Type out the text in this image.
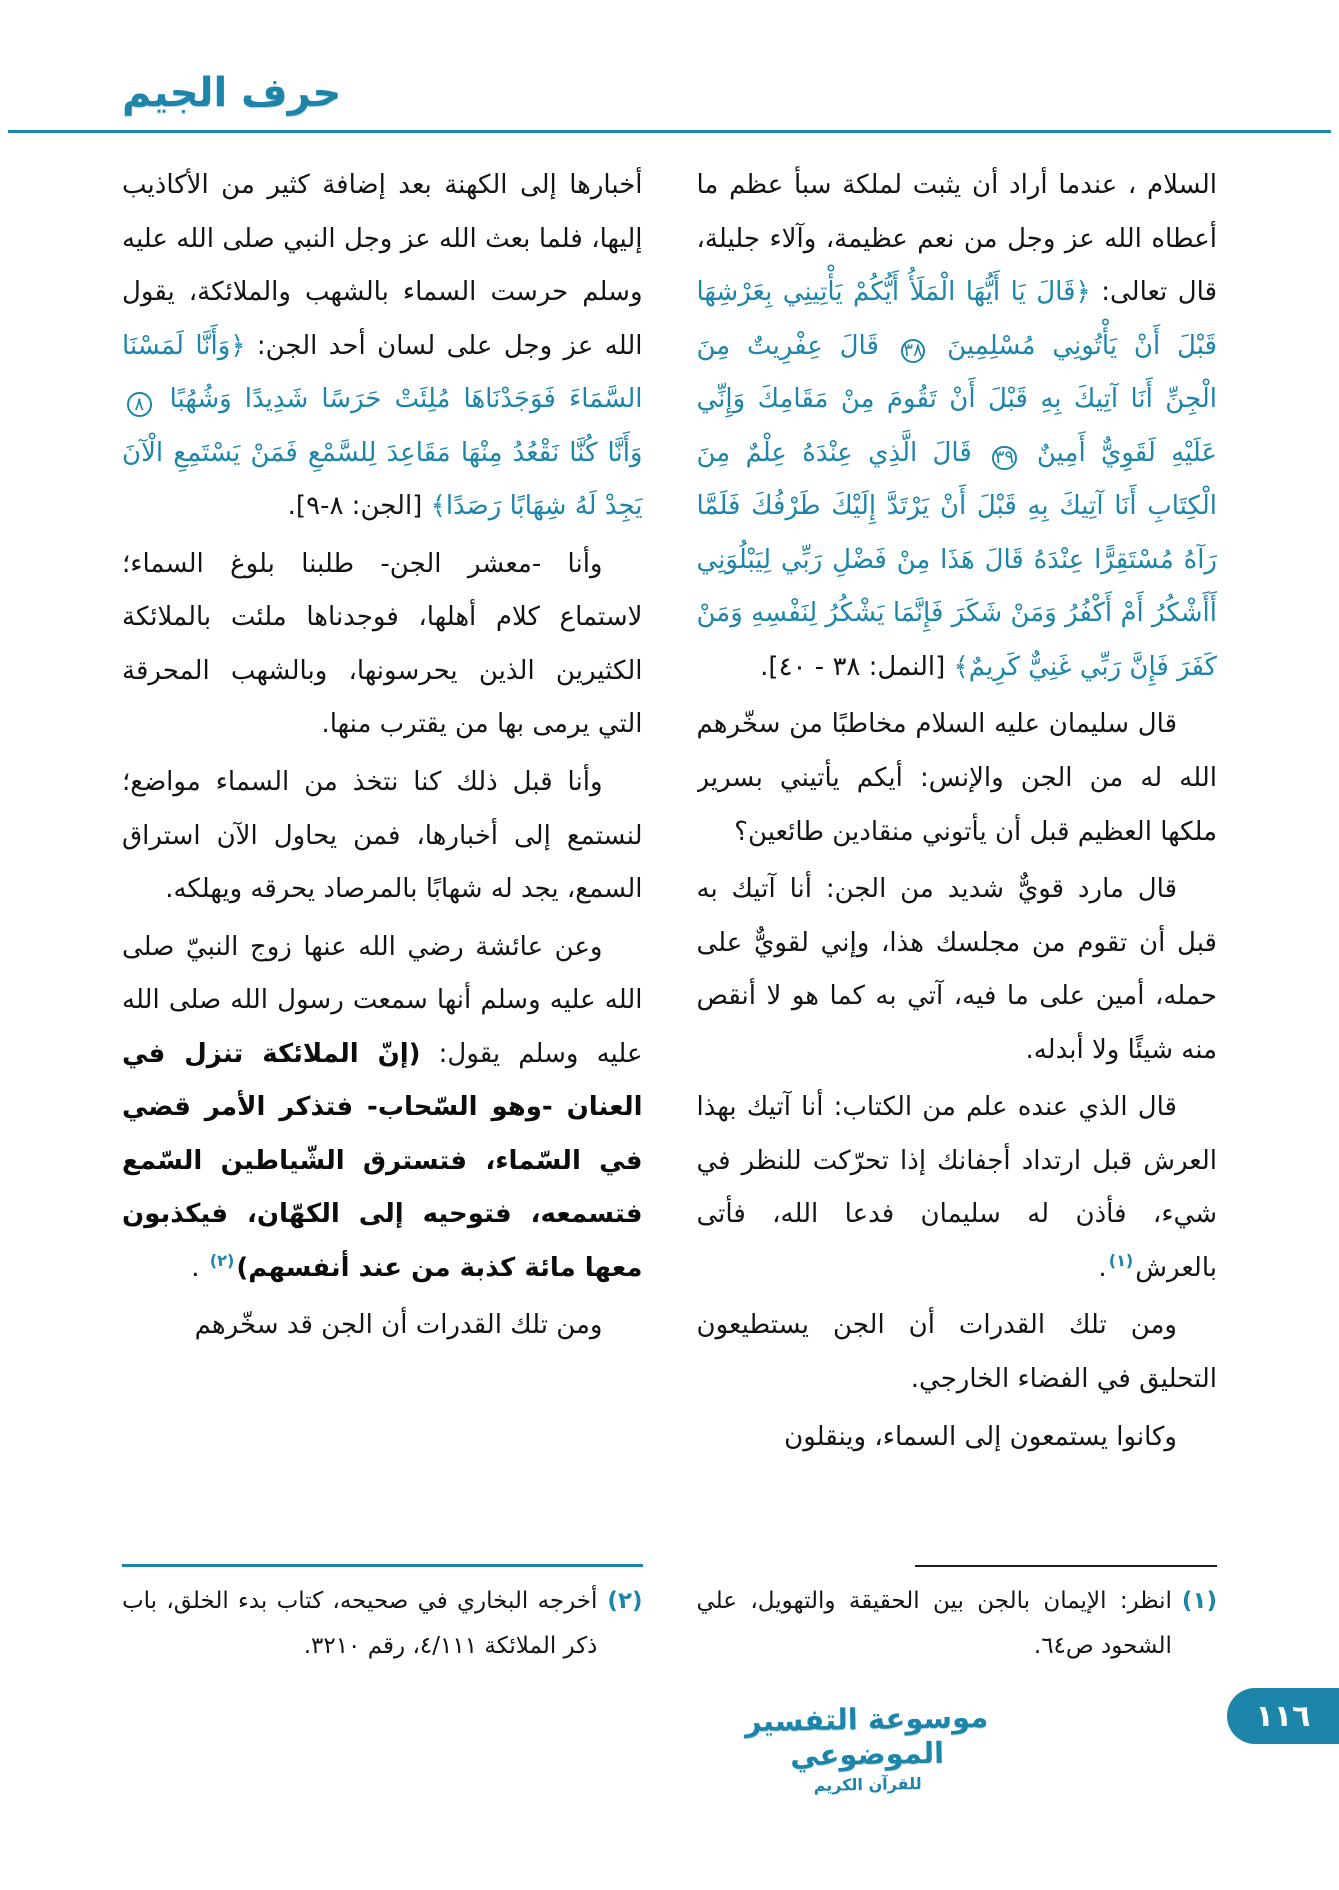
حرف الجيم

السلام ، عندما أراد أن يثبت لملكة سبأ عظم ما أعطاه الله عز وجل من نعم عظيمة، وآلاء جليلة، قال تعالى: ﴿قَالَ يَا أَيُّهَا الْمَلَأُ أَيُّكُمْ يَأْتِينِي بِعَرْشِهَا قَبْلَ أَنْ يَأْتُونِي مُسْلِمِينَ ٣٨ قَالَ عِفْرِيتٌ مِنَ الْجِنِّ أَنَا آتِيكَ بِهِ قَبْلَ أَنْ تَقُومَ مِنْ مَقَامِكَ وَإِنِّي عَلَيْهِ لَقَوِيٌّ أَمِينٌ ٣٩ قَالَ الَّذِي عِنْدَهُ عِلْمٌ مِنَ الْكِتَابِ أَنَا آتِيكَ بِهِ قَبْلَ أَنْ يَرْتَدَّ إِلَيْكَ طَرْفُكَ فَلَمَّا رَآهُ مُسْتَقِرًّا عِنْدَهُ قَالَ هَذَا مِنْ فَضْلِ رَبِّي لِيَبْلُوَنِي أَأَشْكُرُ أَمْ أَكْفُرُ وَمَنْ شَكَرَ فَإِنَّمَا يَشْكُرُ لِنَفْسِهِ وَمَنْ كَفَرَ فَإِنَّ رَبِّي غَنِيٌّ كَرِيمٌ﴾ [النمل: ٣٨ - ٤٠].

قال سليمان عليه السلام مخاطبًا من سخّرهم الله له من الجن والإنس: أيكم يأتيني بسرير ملكها العظيم قبل أن يأتوني منقادين طائعين؟

قال مارد قويٌّ شديد من الجن: أنا آتيك به قبل أن تقوم من مجلسك هذا، وإني لقويٌّ على حمله، أمين على ما فيه، آتي به كما هو لا أنقص منه شيئًا ولا أبدله.

قال الذي عنده علم من الكتاب: أنا آتيك بهذا العرش قبل ارتداد أجفانك إذا تحرّكت للنظر في شيء، فأذن له سليمان فدعا الله، فأتى بالعرش$^{(١)}$.

ومن تلك القدرات أن الجن يستطيعون التحليق في الفضاء الخارجي.

وكانوا يستمعون إلى السماء، وينقلون

(١)
انظر: الإيمان بالجن بين الحقيقة والتهويل، علي الشحود ص٦٤.

أخبارها إلى الكهنة بعد إضافة كثير من الأكاذيب إليها، فلما بعث الله عز وجل النبي صلى الله عليه وسلم حرست السماء بالشهب والملائكة، يقول الله عز وجل على لسان أحد الجن: ﴿وَأَنَّا لَمَسْنَا السَّمَاءَ فَوَجَدْنَاهَا مُلِئَتْ حَرَسًا شَدِيدًا وَشُهُبًا ٨ وَأَنَّا كُنَّا نَقْعُدُ مِنْهَا مَقَاعِدَ لِلسَّمْعِ فَمَنْ يَسْتَمِعِ الْآنَ يَجِدْ لَهُ شِهَابًا رَصَدًا﴾ [الجن: ٨-٩].

وأنا -معشر الجن- طلبنا بلوغ السماء؛ لاستماع كلام أهلها، فوجدناها ملئت بالملائكة الكثيرين الذين يحرسونها، وبالشهب المحرقة التي يرمى بها من يقترب منها.

وأنا قبل ذلك كنا نتخذ من السماء مواضع؛ لنستمع إلى أخبارها، فمن يحاول الآن استراق السمع، يجد له شهابًا بالمرصاد يحرقه ويهلكه.

وعن عائشة رضي الله عنها زوج النبيّ صلى الله عليه وسلم أنها سمعت رسول الله صلى الله عليه وسلم يقول: (إنّ الملائكة تنزل في العنان -وهو السّحاب- فتذكر الأمر قضي في السّماء، فتسترق الشّياطين السّمع فتسمعه، فتوحيه إلى الكهّان، فيكذبون معها مائة كذبة من عند أنفسهم)$^{(٢)}$ .

ومن تلك القدرات أن الجن قد سخّرهم

(٢)
أخرجه البخاري في صحيحه، كتاب بدء الخلق، باب ذكر الملائكة ٤/١١١، رقم ٣٢١٠.
موسوعة التفسير الموضوعي
للقرآن الكريم
١١٦
